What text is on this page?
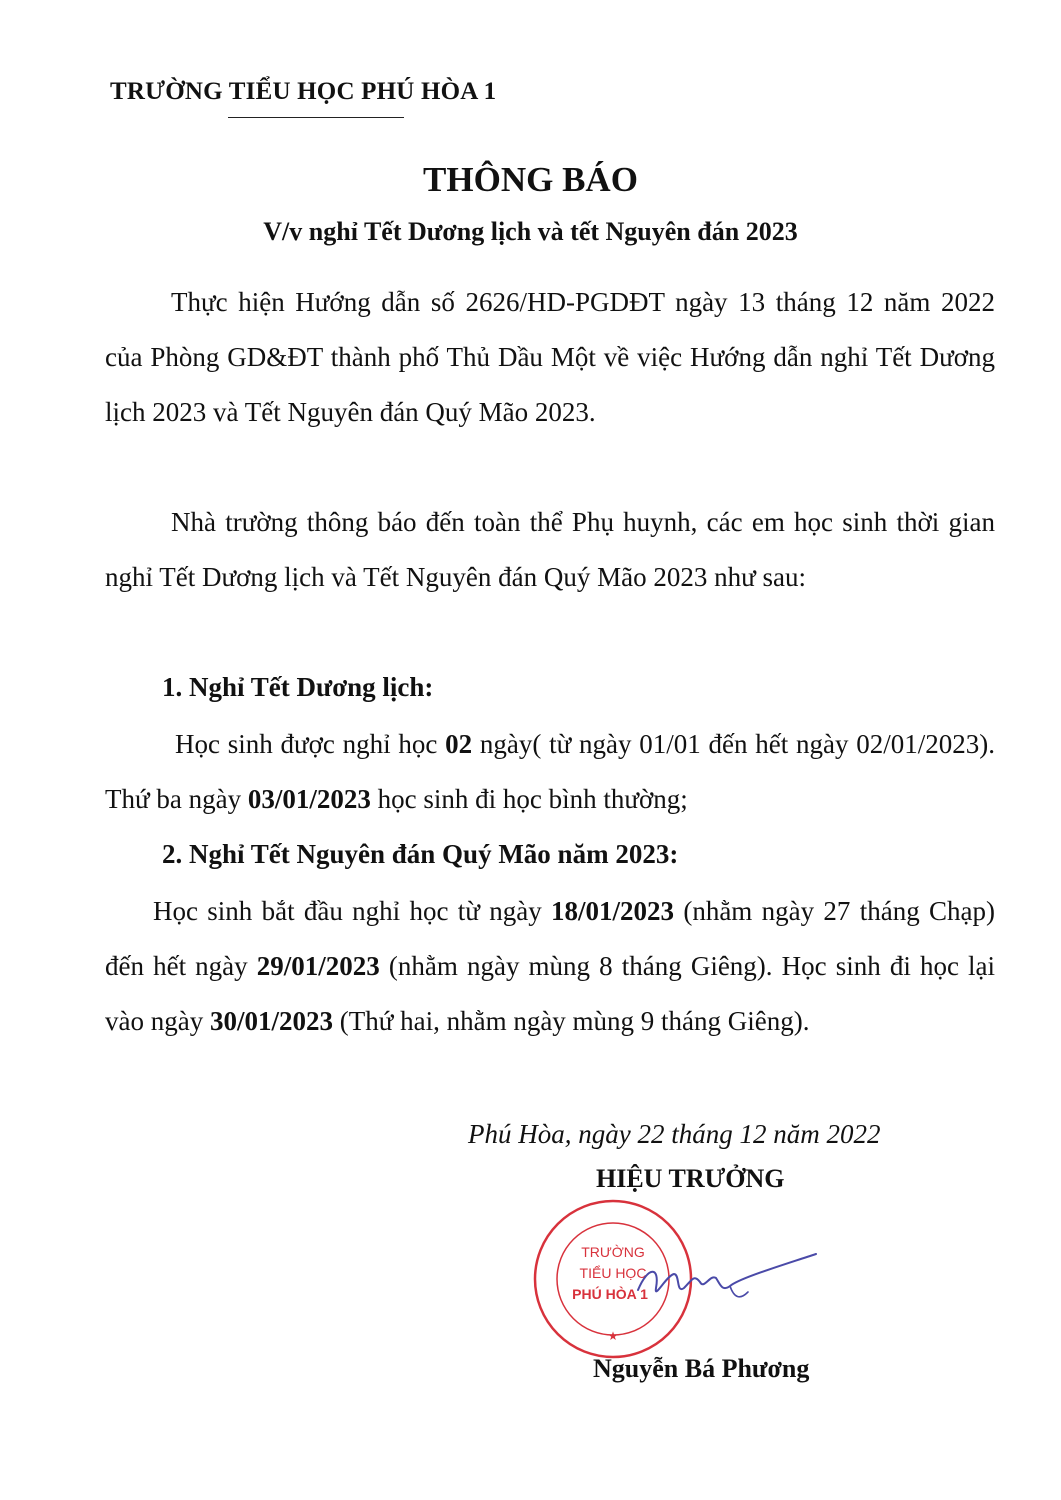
TRƯỜNG TIỂU HỌC PHÚ HÒA 1
THÔNG BÁO
V/v nghỉ Tết Dương lịch và tết Nguyên đán 2023
Thực hiện Hướng dẫn số 2626/HD-PGDĐT ngày 13 tháng 12 năm 2022 của Phòng GD&ĐT thành phố Thủ Dầu Một về việc Hướng dẫn nghỉ Tết Dương lịch 2023 và Tết Nguyên đán Quý Mão 2023.
Nhà trường thông báo đến toàn thể Phụ huynh, các em học sinh thời gian nghỉ Tết Dương lịch và Tết Nguyên đán Quý Mão 2023 như sau:
1. Nghỉ Tết Dương lịch:
Học sinh được nghỉ học 02 ngày( từ ngày 01/01 đến hết ngày 02/01/2023). Thứ ba ngày 03/01/2023 học sinh đi học bình thường;
2. Nghỉ Tết Nguyên đán Quý Mão năm 2023:
Học sinh bắt đầu nghỉ học từ ngày 18/01/2023 (nhằm ngày 27 tháng Chạp) đến hết ngày 29/01/2023 (nhằm ngày mùng 8 tháng Giêng). Học sinh đi học lại vào ngày 30/01/2023 (Thứ hai, nhằm ngày mùng 9 tháng Giêng).
Phú Hòa, ngày 22 tháng 12 năm 2022
HIỆU TRƯỞNG
TRƯỜNG
TIỂU HỌC
PHÚ HÒA 1
★
Nguyễn Bá Phương
